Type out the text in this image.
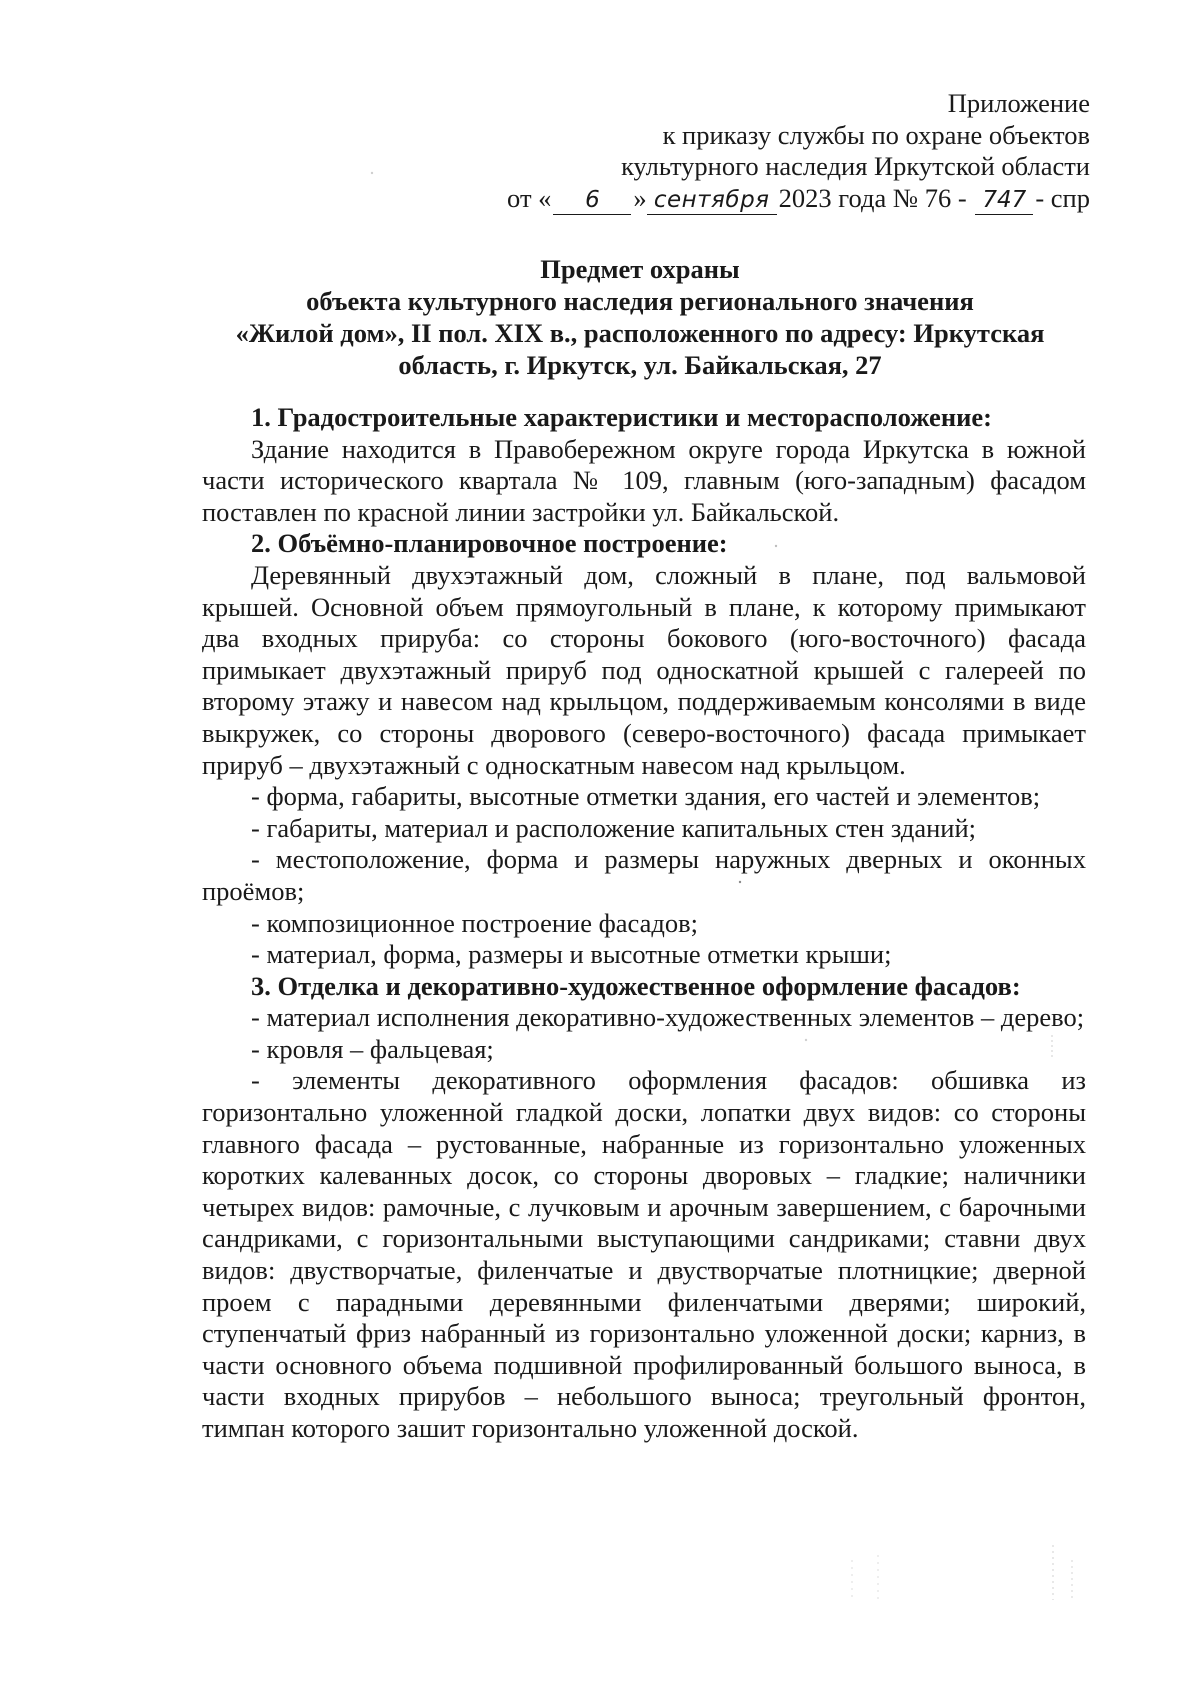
Приложение
к приказу службы по охране объектов
культурного наследия Иркутской области
от « 6 » сентября 2023 года № 76 - 747 - спр
Предмет охраны
объекта культурного наследия регионального значения
«Жилой дом», II пол. XIX в., расположенного по адресу: Иркутская
область, г. Иркутск, ул. Байкальская, 27

1. Градостроительные характеристики и месторасположение:

Здание находится в Правобережном округе города Иркутска в южной части исторического квартала № 109, главным (юго-западным) фасадом поставлен по красной линии застройки ул. Байкальской.

2. Объёмно-планировочное построение:

Деревянный двухэтажный дом, сложный в плане, под вальмовой крышей. Основной объем прямоугольный в плане, к которому примыкают два входных прируба: со стороны бокового (юго-восточного) фасада примыкает двухэтажный прируб под односкатной крышей с галереей по второму этажу и навесом над крыльцом, поддерживаемым консолями в виде выкружек, со стороны дворового (северо-восточного) фасада примыкает прируб – двухэтажный с односкатным навесом над крыльцом.

- форма, габариты, высотные отметки здания, его частей и элементов;

- габариты, материал и расположение капитальных стен зданий;

- местоположение, форма и размеры наружных дверных и оконных проёмов;

- композиционное построение фасадов;

- материал, форма, размеры и высотные отметки крыши;

3. Отделка и декоративно-художественное оформление фасадов:

- материал исполнения декоративно-художественных элементов – дерево;

- кровля – фальцевая;

- элементы декоративного оформления фасадов: обшивка из горизонтально уложенной гладкой доски, лопатки двух видов: со стороны главного фасада – рустованные, набранные из горизонтально уложенных коротких калеванных досок, со стороны дворовых – гладкие; наличники четырех видов: рамочные, с лучковым и арочным завершением, с барочными сандриками, с горизонтальными выступающими сандриками; ставни двух видов: двустворчатые, филенчатые и двустворчатые плотницкие; дверной проем с парадными деревянными филенчатыми дверями; широкий, ступенчатый фриз набранный из горизонтально уложенной доски; карниз, в части основного объема подшивной профилированный большого выноса, в части входных прирубов – небольшого выноса; треугольный фронтон, тимпан которого зашит горизонтально уложенной доской.
